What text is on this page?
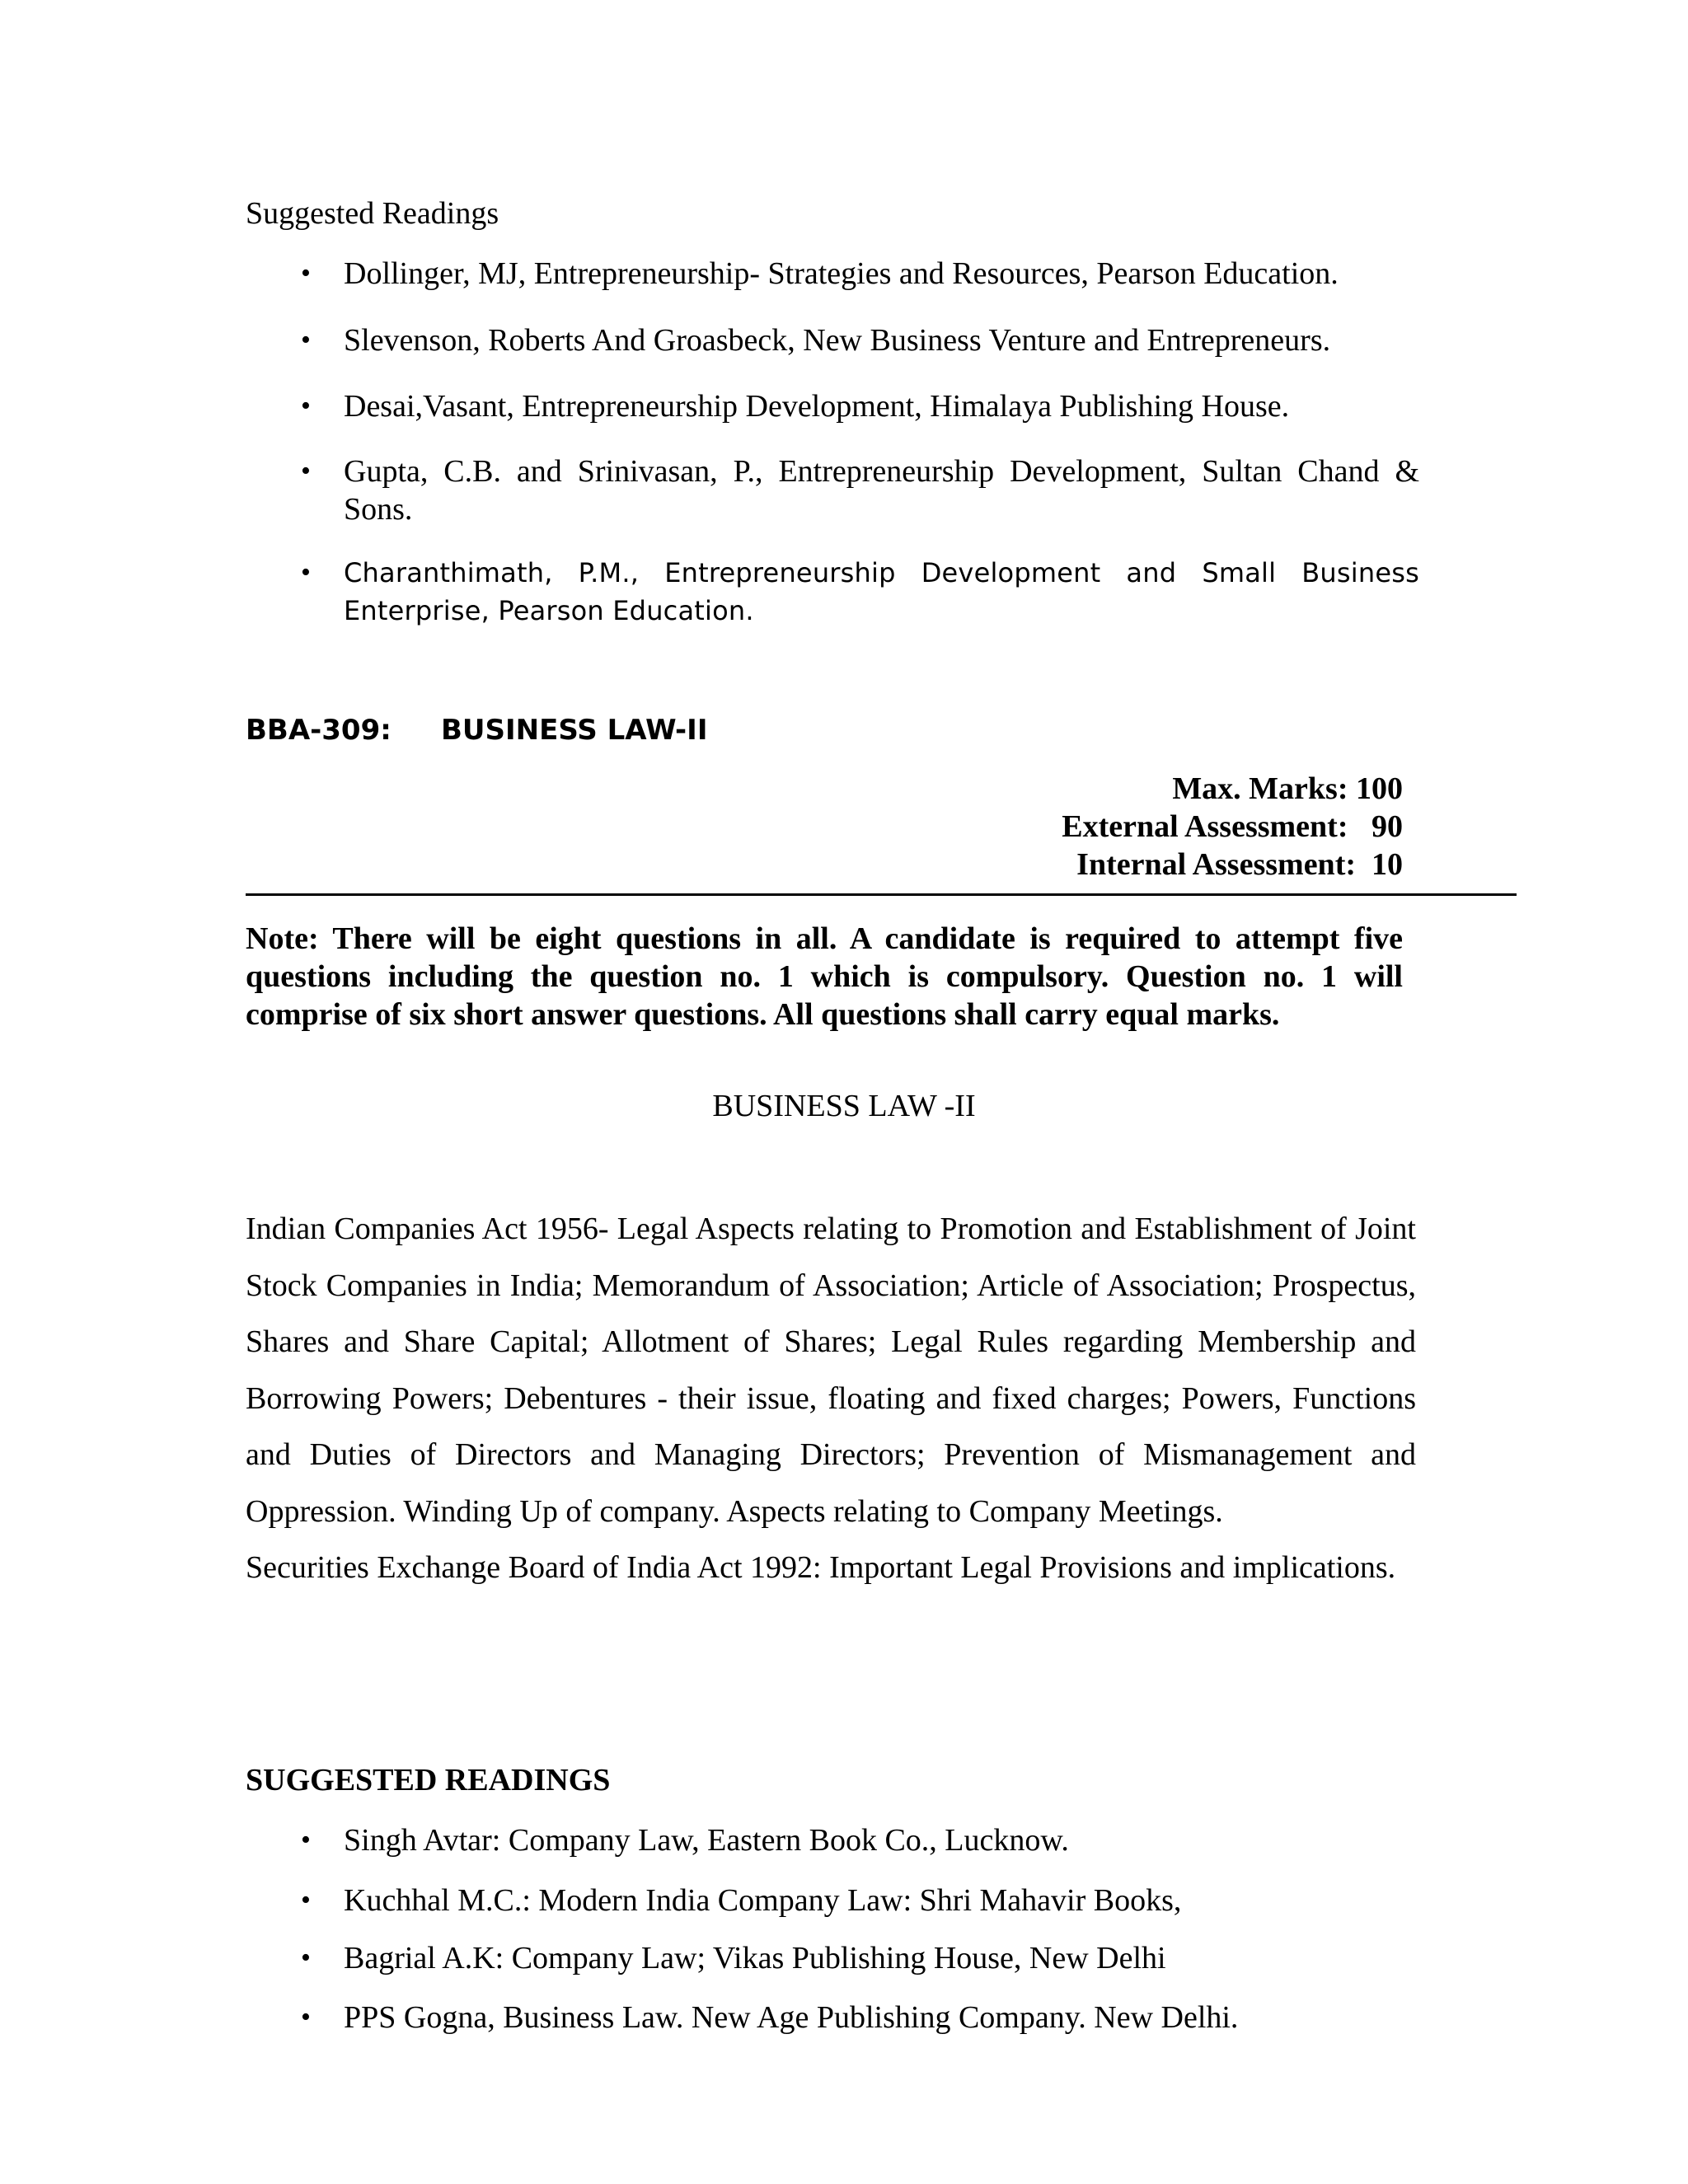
Suggested Readings
• Dollinger, MJ, Entrepreneurship- Strategies and Resources, Pearson Education.
• Slevenson, Roberts And Groasbeck, New Business Venture and Entrepreneurs.
• Desai,Vasant, Entrepreneurship Development, Himalaya Publishing House.
• Gupta, C.B. and Srinivasan, P., Entrepreneurship Development, Sultan Chand & Sons.
• Charanthimath, P.M., Entrepreneurship Development and Small Business Enterprise, Pearson Education.
BBA-309: BUSINESS LAW-II
Max. Marks: 100
External Assessment:   90
Internal Assessment:  10
Note: There will be eight questions in all. A candidate is required to attempt five questions including the question no. 1 which is compulsory. Question no. 1 will comprise of six short answer questions. All questions shall carry equal marks.
BUSINESS LAW -II

Indian Companies Act 1956- Legal Aspects relating to Promotion and Establishment of Joint Stock Companies in India; Memorandum of Association; Article of Association; Prospectus, Shares and Share Capital; Allotment of Shares; Legal Rules regarding Membership and Borrowing Powers; Debentures - their issue, floating and fixed charges; Powers, Functions and Duties of Directors and Managing Directors; Prevention of Mismanagement and Oppression. Winding Up of company. Aspects relating to Company Meetings.

Securities Exchange Board of India Act 1992: Important Legal Provisions and implications.

SUGGESTED READINGS
• Singh Avtar: Company Law, Eastern Book Co., Lucknow.
• Kuchhal M.C.: Modern India Company Law: Shri Mahavir Books,
• Bagrial A.K: Company Law; Vikas Publishing House, New Delhi
• PPS Gogna, Business Law. New Age Publishing Company. New Delhi.
